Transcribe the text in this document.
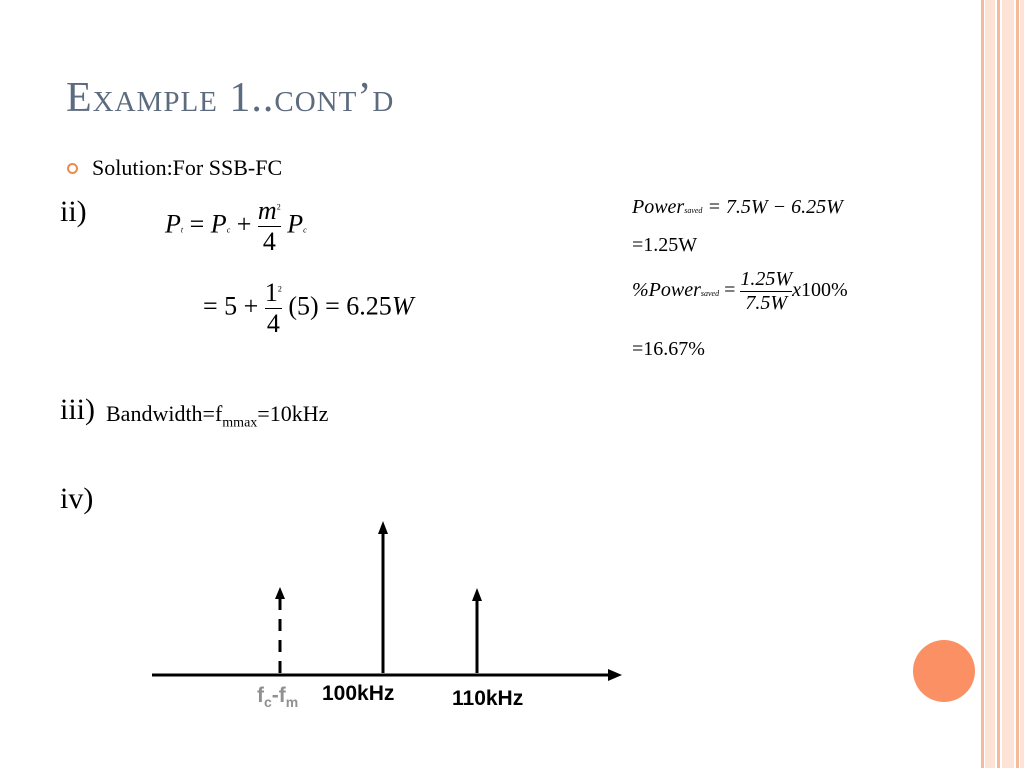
Example 1..cont’d
Solution:For SSB-FC
ii)	$Pt = Pc + \frac{m^2}{4}$ Pc
= $5 + \frac{1^2}{4} (5) = 6.25W$
Powersaved = 7.5W − 6.25W
=1.25W
%Powersaved = $\frac{1.25W}{7.5W} x100\%$
=16.67%
iii) $Bandwidth=f_{mmax}=10kHz$
iv)
$f_c-f_m$ 100kHz	110kHz
